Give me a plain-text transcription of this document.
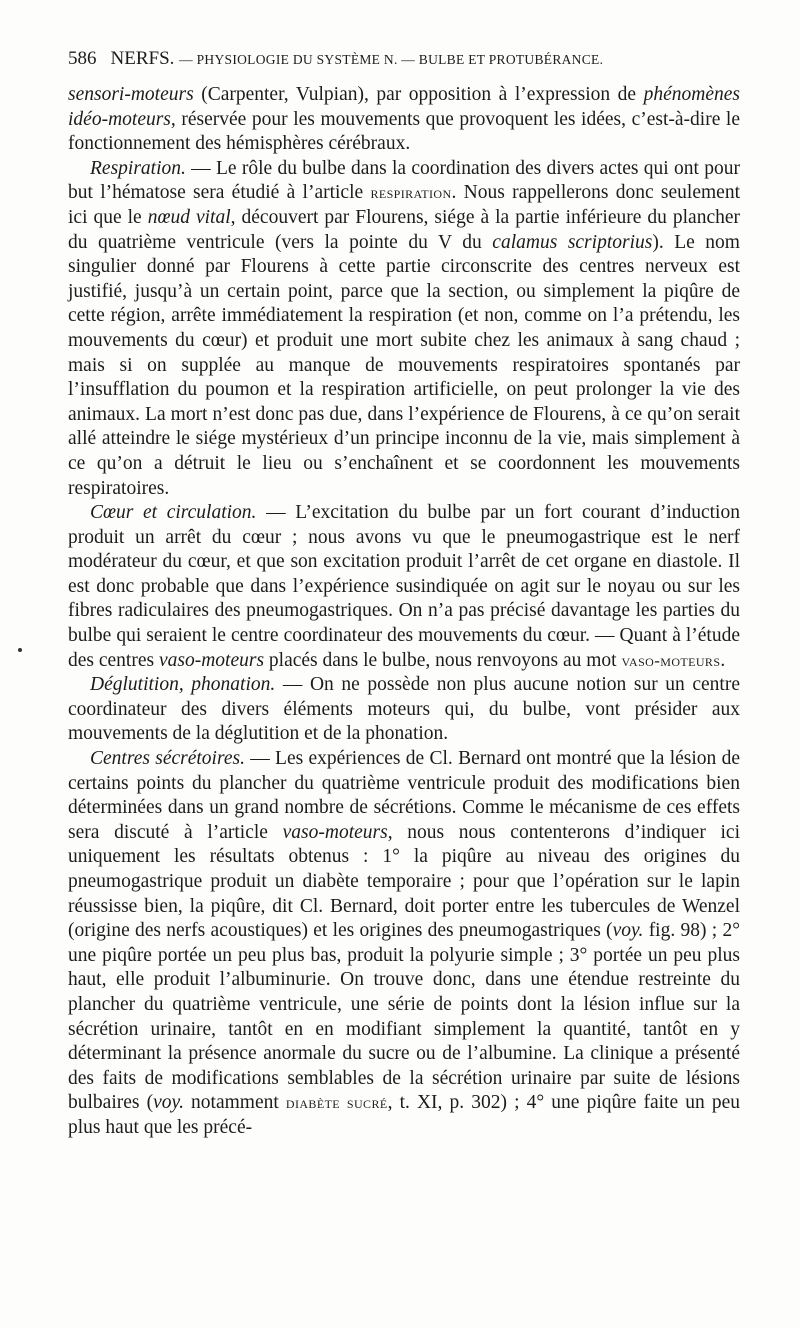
586 NERFS. — PHYSIOLOGIE DU SYSTÈME N. — BULBE ET PROTUBÉRANCE.

sensori-moteurs (Carpenter, Vulpian), par opposition à l’expression de phénomènes idéo-moteurs, réservée pour les mouvements que provoquent les idées, c’est-à-dire le fonctionnement des hémisphères cérébraux.

Respiration. — Le rôle du bulbe dans la coordination des divers actes qui ont pour but l’hématose sera étudié à l’article respiration. Nous rappellerons donc seulement ici que le nœud vital, découvert par Flourens, siége à la partie inférieure du plancher du quatrième ventricule (vers la pointe du V du calamus scriptorius). Le nom singulier donné par Flourens à cette partie circonscrite des centres nerveux est justifié, jusqu’à un certain point, parce que la section, ou simplement la piqûre de cette région, arrête immédiatement la respiration (et non, comme on l’a prétendu, les mouvements du cœur) et produit une mort subite chez les animaux à sang chaud ; mais si on supplée au manque de mouvements respiratoires spontanés par l’insufflation du poumon et la respiration artificielle, on peut prolonger la vie des animaux. La mort n’est donc pas due, dans l’expérience de Flourens, à ce qu’on serait allé atteindre le siége mystérieux d’un principe inconnu de la vie, mais simplement à ce qu’on a détruit le lieu ou s’enchaînent et se coordonnent les mouvements respiratoires.

Cœur et circulation. — L’excitation du bulbe par un fort courant d’induction produit un arrêt du cœur ; nous avons vu que le pneumogastrique est le nerf modérateur du cœur, et que son excitation produit l’arrêt de cet organe en diastole. Il est donc probable que dans l’expérience susindiquée on agit sur le noyau ou sur les fibres radiculaires des pneumogastriques. On n’a pas précisé davantage les parties du bulbe qui seraient le centre coordinateur des mouvements du cœur. — Quant à l’étude des centres vaso-moteurs placés dans le bulbe, nous renvoyons au mot vaso-moteurs.

Déglutition, phonation. — On ne possède non plus aucune notion sur un centre coordinateur des divers éléments moteurs qui, du bulbe, vont présider aux mouvements de la déglutition et de la phonation.

Centres sécrétoires. — Les expériences de Cl. Bernard ont montré que la lésion de certains points du plancher du quatrième ventricule produit des modifications bien déterminées dans un grand nombre de sécrétions. Comme le mécanisme de ces effets sera discuté à l’article vaso-moteurs, nous nous contenterons d’indiquer ici uniquement les résultats obtenus : 1° la piqûre au niveau des origines du pneumogastrique produit un diabète temporaire ; pour que l’opération sur le lapin réussisse bien, la piqûre, dit Cl. Bernard, doit porter entre les tubercules de Wenzel (origine des nerfs acoustiques) et les origines des pneumogastriques (voy. fig. 98) ; 2° une piqûre portée un peu plus bas, produit la polyurie simple ; 3° portée un peu plus haut, elle produit l’albuminurie. On trouve donc, dans une étendue restreinte du plancher du quatrième ventricule, une série de points dont la lésion influe sur la sécrétion urinaire, tantôt en en modifiant simplement la quantité, tantôt en y déterminant la présence anormale du sucre ou de l’albumine. La clinique a présenté des faits de modifications semblables de la sécrétion urinaire par suite de lésions bulbaires (voy. notamment diabète sucré, t. XI, p. 302) ; 4° une piqûre faite un peu plus haut que les précé-
